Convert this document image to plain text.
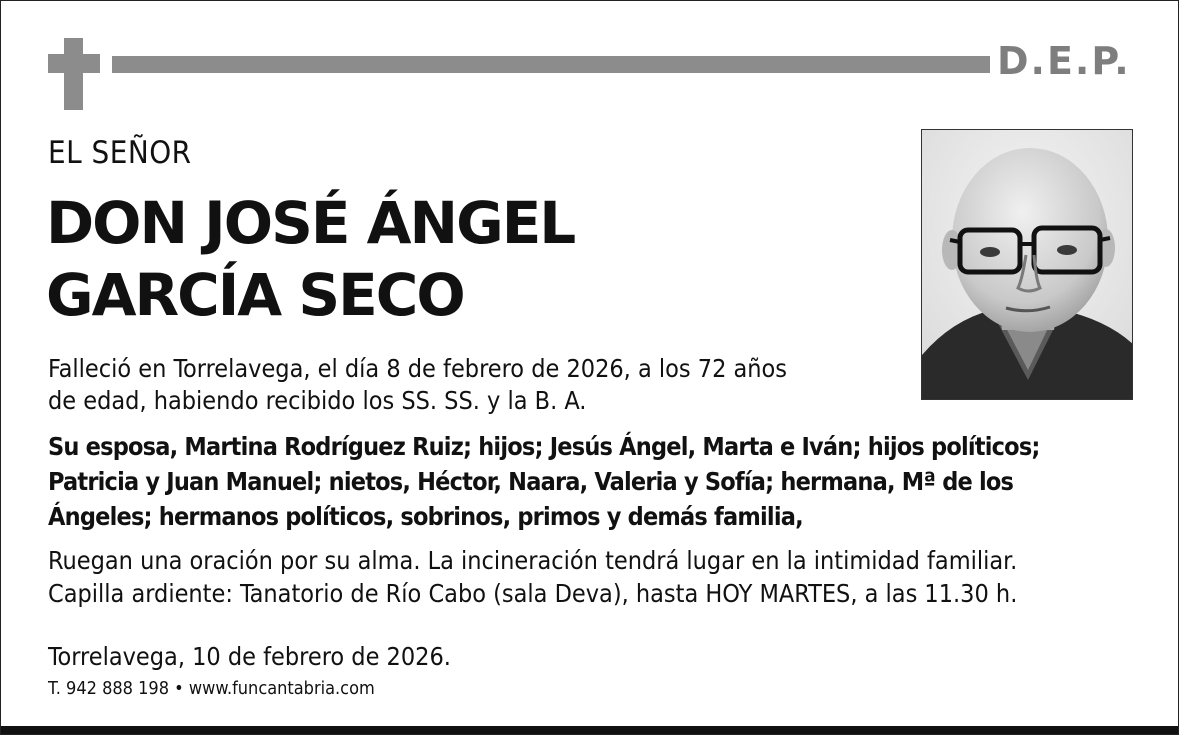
D.E.P.
EL SEÑOR
DON JOSÉ ÁNGEL
GARCÍA SECO
Falleció en Torrelavega, el día 8 de febrero de 2026, a los 72 años
de edad, habiendo recibido los SS. SS. y la B. A.
Su esposa, Martina Rodríguez Ruiz; hijos; Jesús Ángel, Marta e Iván; hijos políticos;
Patricia y Juan Manuel; nietos, Héctor, Naara, Valeria y Sofía; hermana, Mª de los
Ángeles; hermanos políticos, sobrinos, primos y demás familia,
Ruegan una oración por su alma. La incineración tendrá lugar en la intimidad familiar.
Capilla ardiente: Tanatorio de Río Cabo (sala Deva), hasta HOY MARTES, a las 11.30 h.
Torrelavega, 10 de febrero de 2026.
T. 942 888 198 • www.funcantabria.com
